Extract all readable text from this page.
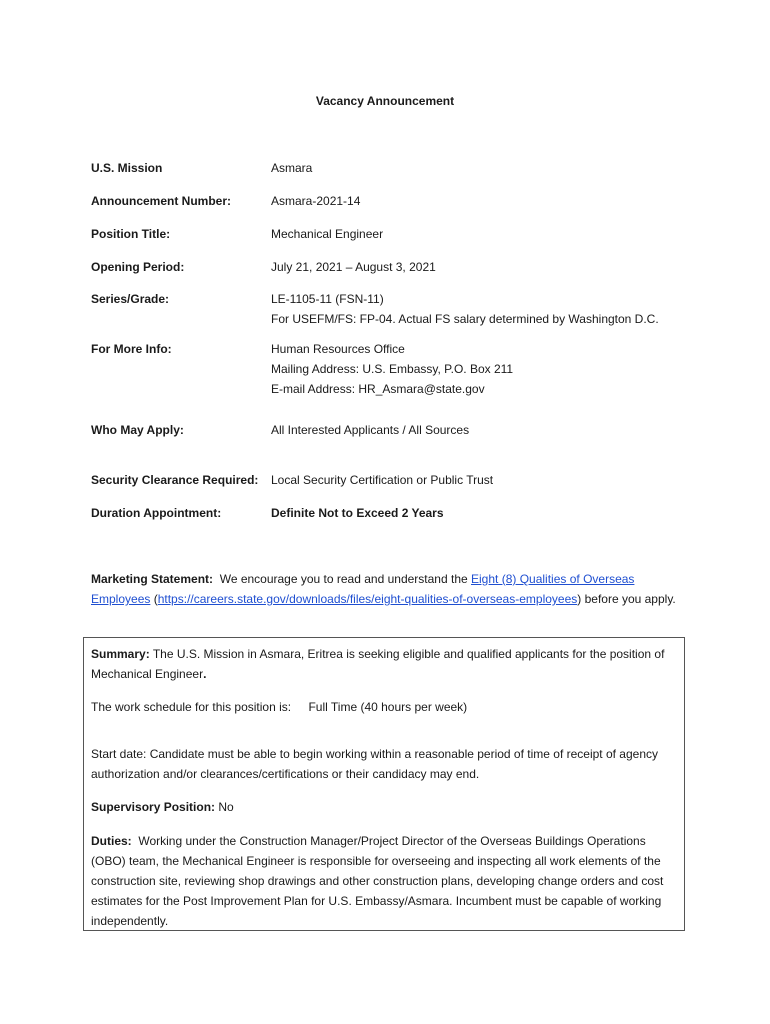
Vacancy Announcement
U.S. Mission	Asmara
Announcement Number:	Asmara-2021-14
Position Title:	Mechanical Engineer
Opening Period:	July 21, 2021 – August 3, 2021
Series/Grade:	LE-1105-11 (FSN-11)
For USEFM/FS: FP-04. Actual FS salary determined by Washington D.C.
For More Info:	Human Resources Office
Mailing Address: U.S. Embassy, P.O. Box 211
E-mail Address: HR_Asmara@state.gov
Who May Apply:	All Interested Applicants / All Sources
Security Clearance Required: Local Security Certification or Public Trust
Duration Appointment:	Definite Not to Exceed 2 Years
Marketing Statement: We encourage you to read and understand the Eight (8) Qualities of Overseas Employees (https://careers.state.gov/downloads/files/eight-qualities-of-overseas-employees) before you apply.
Summary: The U.S. Mission in Asmara, Eritrea is seeking eligible and qualified applicants for the position of Mechanical Engineer.
The work schedule for this position is: Full Time (40 hours per week)
Start date: Candidate must be able to begin working within a reasonable period of time of receipt of agency authorization and/or clearances/certifications or their candidacy may end.
Supervisory Position: No
Duties: Working under the Construction Manager/Project Director of the Overseas Buildings Operations (OBO) team, the Mechanical Engineer is responsible for overseeing and inspecting all work elements of the construction site, reviewing shop drawings and other construction plans, developing change orders and cost estimates for the Post Improvement Plan for U.S. Embassy/Asmara. Incumbent must be capable of working independently.
